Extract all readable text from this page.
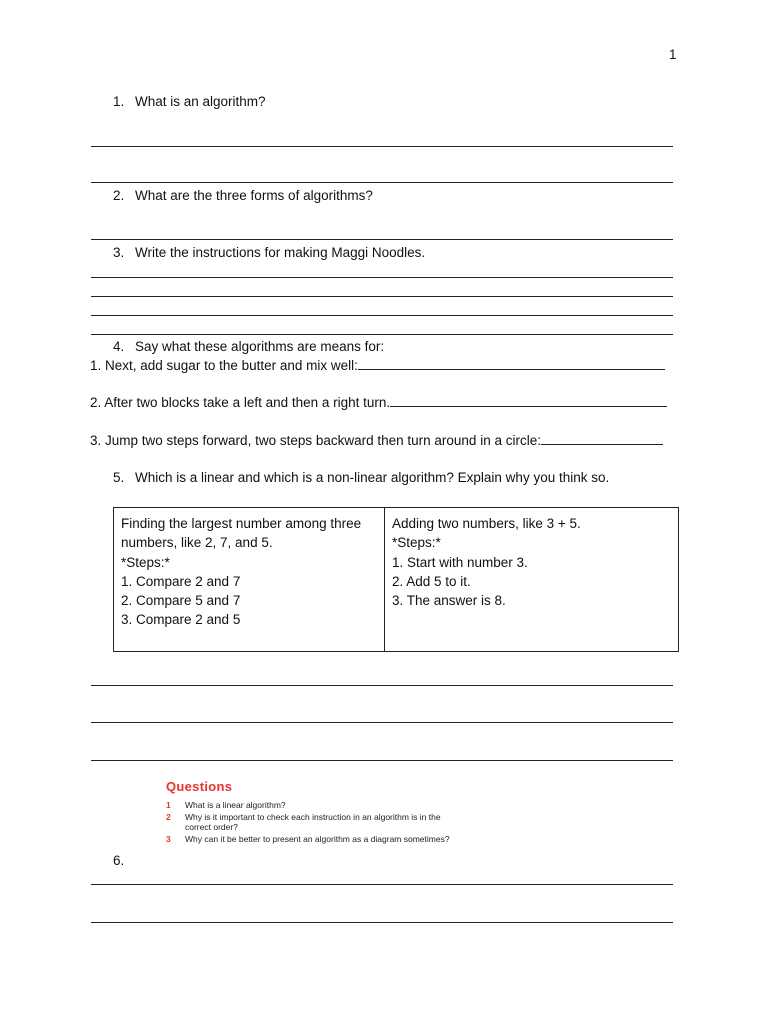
1
1. What is an algorithm?
2. What are the three forms of algorithms?
3. Write the instructions for making Maggi Noodles.
4. Say what these algorithms are means for:
1. Next, add sugar to the butter and mix well:
2. After two blocks take a left and then a right turn.
3. Jump two steps forward, two steps backward then turn around in a circle:
5. Which is a linear and which is a non-linear algorithm? Explain why you think so.
Finding the largest number among three
numbers, like 2, 7, and 5.
*Steps:*
1. Compare 2 and 7
2. Compare 5 and 7
3. Compare 2 and 5

Adding two numbers, like 3 + 5.
*Steps:*
1. Start with number 3.
2. Add 5 to it.
3. The answer is 8.
Questions
1 What is a linear algorithm?
2 Why is it important to check each instruction in an algorithm is in the correct order?
3 Why can it be better to present an algorithm as a diagram sometimes?
6.
